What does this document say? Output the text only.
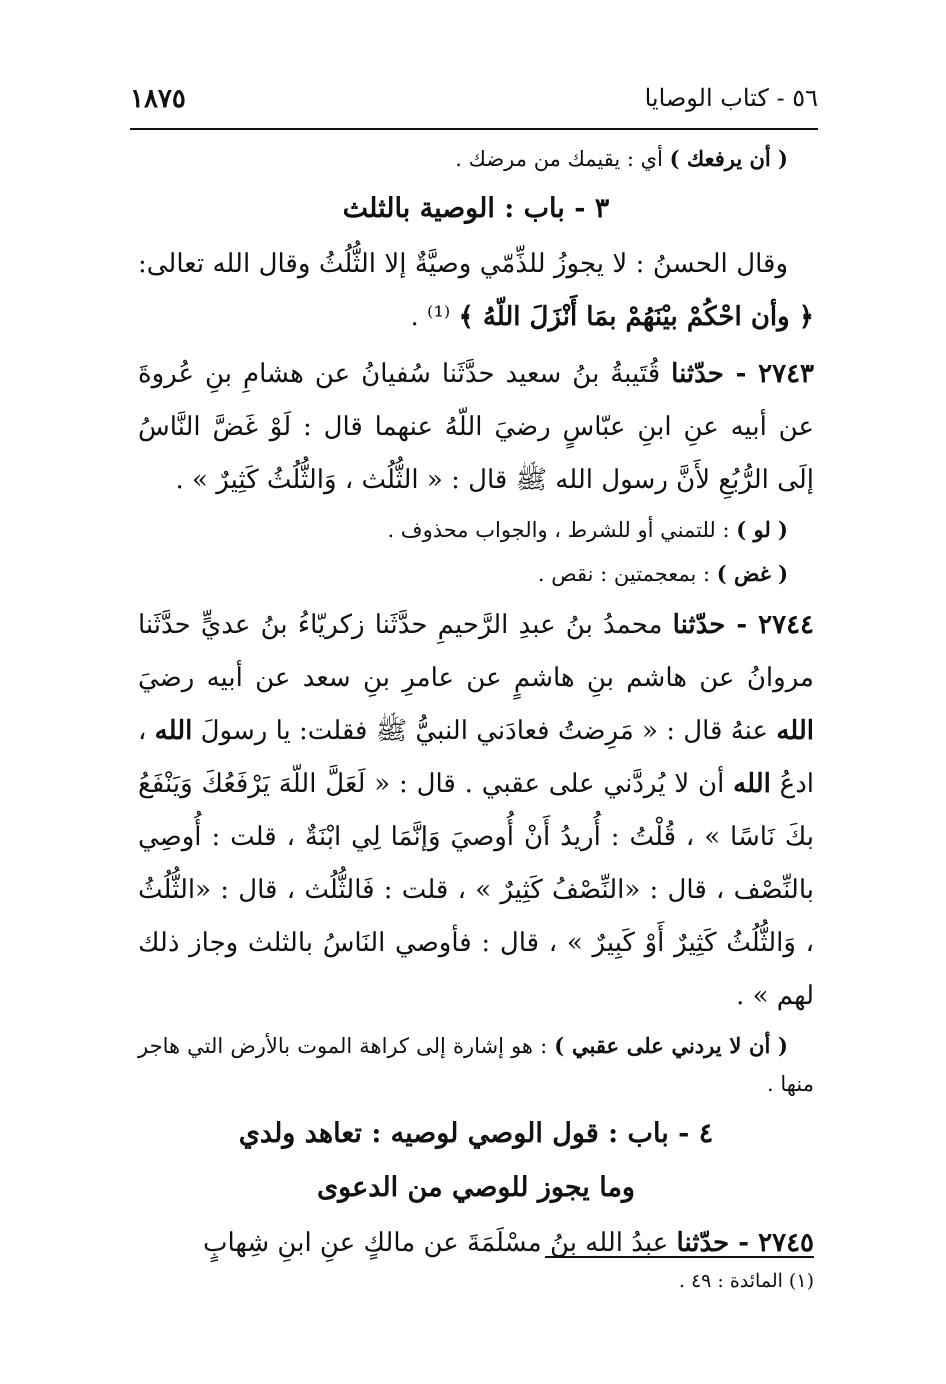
٥٦ - كتاب الوصايا
١٨٧٥

( أن يرفعك ) أي : يقيمك من مرضك .

٣ - باب : الوصية بالثلث

وقال الحسنُ : لا يجوزُ للذِّمّي وصيَّةٌ إلا الثُّلُثُ وقال الله تعالى: ﴿ وأن احْكُمْ بيْنَهُمْ بمَا أَنْزَلَ اللّهُ ﴾ ⁽¹⁾ .

٢٧٤٣ - حدّثنا قُتَيبةُ بنُ سعيد حدَّثَنا سُفيانُ عن هشامِ بنِ عُروةَ عن أبيه عنِ ابنِ عبّاسٍ رضيَ اللّهُ عنهما قال : لَوْ غَضَّ النَّاسُ إلَى الرُّبُعِ لأَنَّ رسول الله ﷺ قال : « الثُّلُث ، وَالثُّلُثُ كَثِيرٌ » .

( لو ) : للتمني أو للشرط ، والجواب محذوف .

( غض ) : بمعجمتين : نقص .

٢٧٤٤ - حدّثنا محمدُ بنُ عبدِ الرَّحيمِ حدَّثَنا زكريّاءُ بنُ عديٍّ حدَّثَنا مروانُ عن هاشم بنِ هاشمٍ عن عامرِ بنِ سعد عن أبيه رضيَ الله عنهُ قال : « مَرِضتُ فعادَني النبيُّ ﷺ فقلت: يا رسولَ الله ، ادعُ الله أن لا يُردَّني على عقبي . قال : « لَعَلَّ اللّهَ يَرْفَعُكَ وَيَنْفَعُ بكَ نَاسًا » ، قُلْتُ : أُريدُ أَنْ أُوصيَ وَإنَّمَا لِي ابْنَةٌ ، قلت : أُوصِي بالنِّصْف ، قال : «النِّصْفُ كَثِيرٌ » ، قلت : فَالثُّلُث ، قال : «الثُّلُثُ ، وَالثُّلُثُ كَثِيرٌ أَوْ كَبِيرٌ » ، قال : فأوصي النَاسُ بالثلث وجاز ذلك لهم » .

( أن لا يردني على عقبي ) : هو إشارة إلى كراهة الموت بالأرض التي هاجر منها .

٤ - باب : قول الوصي لوصيه : تعاهد ولدي
وما يجوز للوصي من الدعوى

٢٧٤٥ - حدّثنا عبدُ الله بنُ مسْلَمَةَ عن مالكٍ عنِ ابنِ شِهابٍ

(١) المائدة : ٤٩ .
